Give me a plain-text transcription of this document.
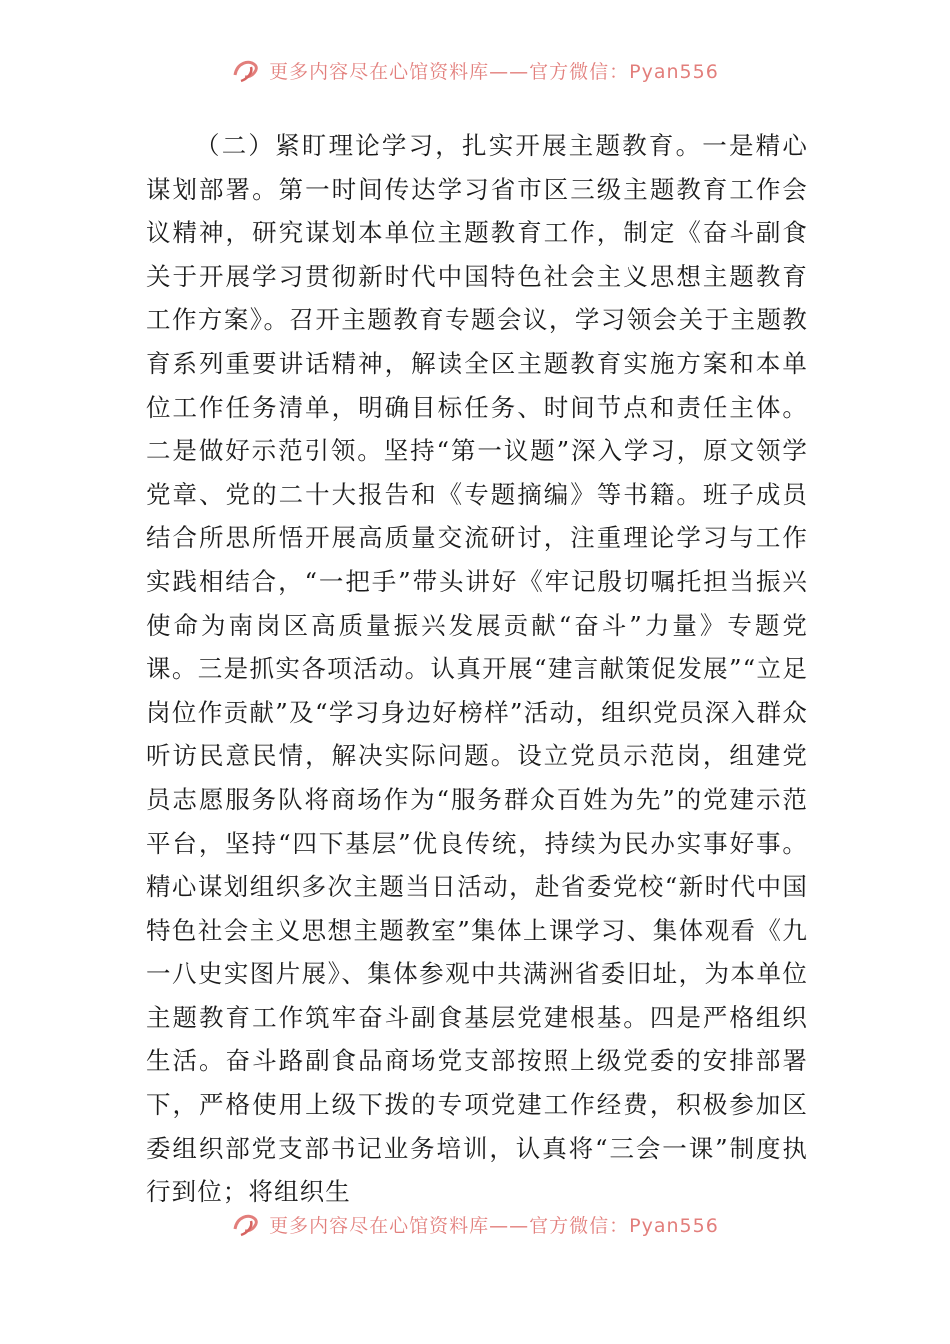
更多内容尽在心馆资料库——官方微信：Pyan556

（二）紧盯理论学习，扎实开展主题教育。一是精心谋划部署。第一时间传达学习省市区三级主题教育工作会议精神，研究谋划本单位主题教育工作，制定《奋斗副食关于开展学习贯彻新时代中国特色社会主义思想主题教育工作方案》。召开主题教育专题会议，学习领会关于主题教育系列重要讲话精神，解读全区主题教育实施方案和本单位工作任务清单，明确目标任务、时间节点和责任主体。二是做好示范引领。坚持“第一议题”深入学习，原文领学党章、党的二十大报告和《专题摘编》等书籍。班子成员结合所思所悟开展高质量交流研讨，注重理论学习与工作实践相结合，“一把手”带头讲好《牢记殷切嘱托担当振兴使命为南岗区高质量振兴发展贡献“奋斗”力量》专题党课。三是抓实各项活动。认真开展“建言献策促发展”“立足岗位作贡献”及“学习身边好榜样”活动，组织党员深入群众听访民意民情，解决实际问题。设立党员示范岗，组建党员志愿服务队将商场作为“服务群众百姓为先”的党建示范平台，坚持“四下基层”优良传统，持续为民办实事好事。精心谋划组织多次主题当日活动，赴省委党校“新时代中国特色社会主义思想主题教室”集体上课学习、集体观看《九一八史实图片展》、集体参观中共满洲省委旧址，为本单位主题教育工作筑牢奋斗副食基层党建根基。四是严格组织生活。奋斗路副食品商场党支部按照上级党委的安排部署下，严格使用上级下拨的专项党建工作经费，积极参加区委组织部党支部书记业务培训，认真将“三会一课”制度执行到位；将组织生

更多内容尽在心馆资料库——官方微信：Pyan556
